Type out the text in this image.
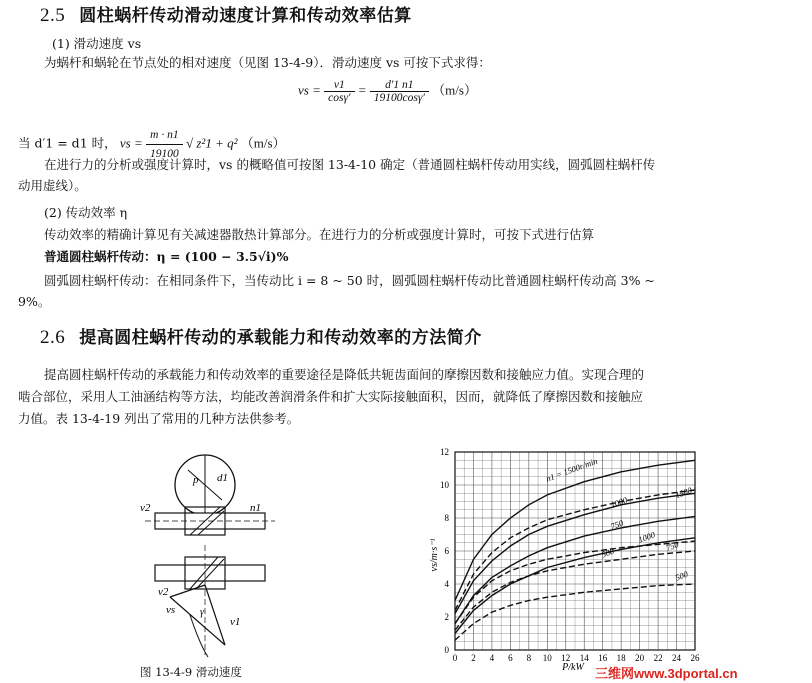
2.5 圆柱蜗杆传动滑动速度计算和传动效率估算
(1) 滑动速度 vs
为蜗杆和蜗轮在节点处的相对速度（见图 13-4-9）．滑动速度 vs 可按下式求得：
vs = $\frac{v1}{\cos\gamma'} = \frac{d'1 n1}{19100\cos\gamma'} (m/s)$
当 d′1 = d1 时， vs = $\frac{m \cdot n1}{19100}$ √ z²1 + q² （m/s）
在进行力的分析或强度计算时，vs 的概略值可按图 13-4-10 确定（普通圆柱蜗杆传动用实线，圆弧圆柱蜗杆传
动用虚线）。
(2) 传动效率 η
传动效率的精确计算见有关减速器散热计算部分。在进行力的分析或强度计算时，可按下式进行估算
普通圆柱蜗杆传动：η = (100 − 3.5√i)%
圆弧圆柱蜗杆传动：在相同条件下，当传动比 i = 8 ~ 50 时，圆弧圆柱蜗杆传动比普通圆柱蜗杆传动高 3% ~
9%。
2.6 提高圆柱蜗杆传动的承载能力和传动效率的方法简介
提高圆柱蜗杆传动的承载能力和传动效率的重要途径是降低共轭齿面间的摩擦因数和接触应力值。实现合理的
啮合部位，采用人工油涵结构等方法，均能改善润滑条件和扩大实际接触面积，因而，就降低了摩擦因数和接触应
力值。表 13-4-19 列出了常用的几种方法供参考。
d1
p
v2	n1
v2
vs
v1
γ
图 13-4-9 滑动速度
0 2 4 6 8 10 12 14 16 18 20 22 24 26
0
2
4
6
8
10
12
n1 = 1500r/min
1000
750
500
1500
1000
750
500
vs/m·s⁻¹
P/kW 三维网www.3dportal.cn
